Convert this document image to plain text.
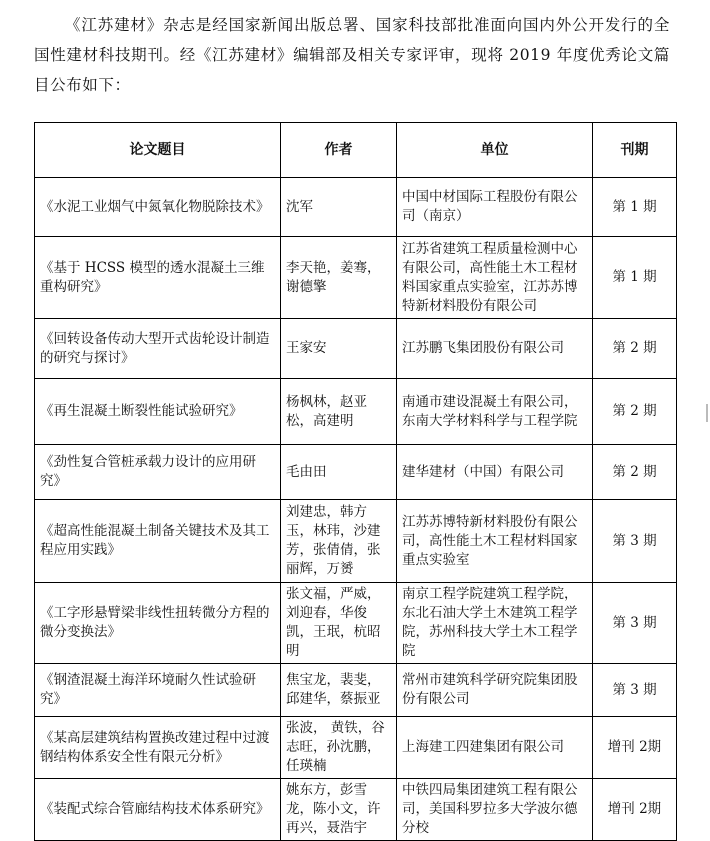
《江苏建材》杂志是经国家新闻出版总署、国家科技部批准面向国内外公开发行的全国性建材科技期刊。经《江苏建材》编辑部及相关专家评审，现将 2019 年度优秀论文篇目公布如下：

论文题目	作者	单位	刊期
《水泥工业烟气中氮氧化物脱除技术》	沈军	中国中材国际工程股份有限公司（南京）	第 1 期
《基于 HCSS 模型的透水混凝土三维重构研究》	李天艳，姜骞，谢德擎	江苏省建筑工程质量检测中心有限公司，高性能土木工程材料国家重点实验室，江苏苏博特新材料股份有限公司	第 1 期
《回转设备传动大型开式齿轮设计制造的研究与探讨》	王家安	江苏鹏飞集团股份有限公司	第 2 期
《再生混凝土断裂性能试验研究》	杨枫林，赵亚松，高建明	南通市建设混凝土有限公司，东南大学材料科学与工程学院	第 2 期
《劲性复合管桩承载力设计的应用研究》	毛由田	建华建材（中国）有限公司	第 2 期
《超高性能混凝土制备关键技术及其工程应用实践》	刘建忠，韩方玉，林玮，沙建芳，张倩倩，张丽辉，万赟	江苏苏博特新材料股份有限公司，高性能土木工程材料国家重点实验室	第 3 期
《工字形悬臂梁非线性扭转微分方程的微分变换法》	张文福，严威，刘迎春，华俊凯，王珉，杭昭明	南京工程学院建筑工程学院，东北石油大学土木建筑工程学院，苏州科技大学土木工程学院	第 3 期
《钢渣混凝土海洋环境耐久性试验研究》	焦宝龙，裴斐，邱建华，蔡振亚	常州市建筑科学研究院集团股份有限公司	第 3 期
《某高层建筑结构置换改建过程中过渡钢结构体系安全性有限元分析》	张波， 黄铁，谷志旺，孙沈鹏，任瑛楠	上海建工四建集团有限公司	增刊 2期
《装配式综合管廊结构技术体系研究》	姚东方，彭雪龙，陈小文，许再兴，聂浩宇	中铁四局集团建筑工程有限公司，美国科罗拉多大学波尔德分校	增刊 2期
